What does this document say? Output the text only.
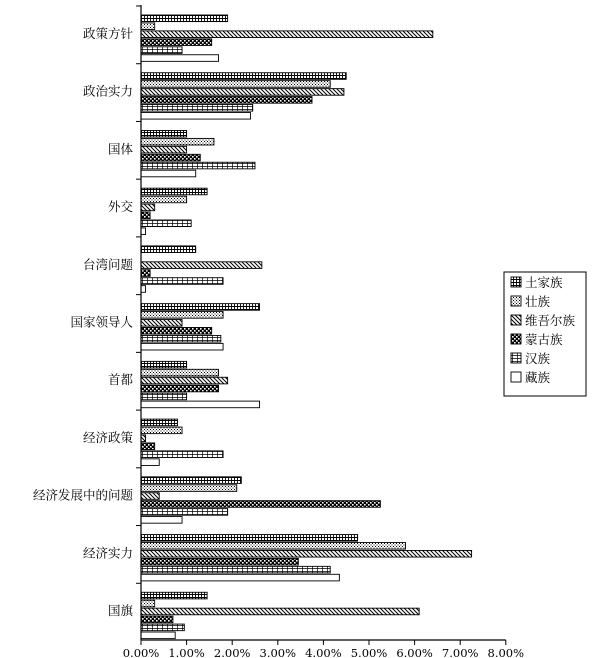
政策方针
政治实力
国体
外交
台湾问题
国家领导人
首都
经济政策
经济发展中的问题
经济实力
国旗
0.00% 1.00% 2.00% 3.00% 4.00% 5.00% 6.00% 7.00% 8.00%
土家族
壮族
维吾尔族
蒙古族
汉族
藏族
